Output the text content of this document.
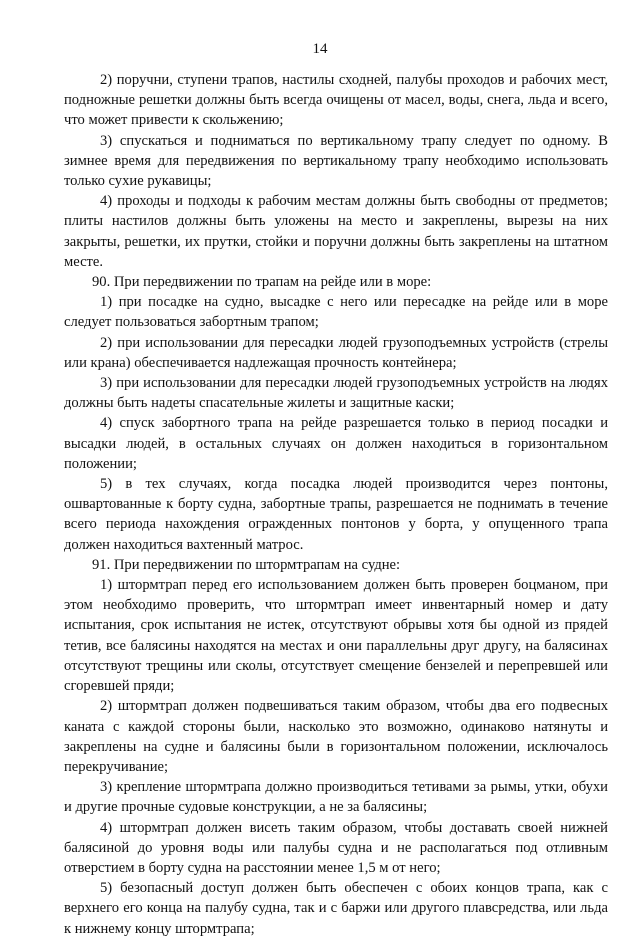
14

2) поручни, ступени трапов, настилы сходней, палубы проходов и рабочих мест, подножные решетки должны быть всегда очищены от масел, воды, снега, льда и всего, что может привести к скольжению;

3) спускаться и подниматься по вертикальному трапу следует по одному. В зимнее время для передвижения по вертикальному трапу необходимо использовать только сухие рукавицы;

4) проходы и подходы к рабочим местам должны быть свободны от предметов; плиты настилов должны быть уложены на место и закреплены, вырезы на них закрыты, решетки, их прутки, стойки и поручни должны быть закреплены на штатном месте.

90. При передвижении по трапам на рейде или в море:

1) при посадке на судно, высадке с него или пересадке на рейде или в море следует пользоваться забортным трапом;

2) при использовании для пересадки людей грузоподъемных устройств (стрелы или крана) обеспечивается надлежащая прочность контейнера;

3) при использовании для пересадки людей грузоподъемных устройств на людях должны быть надеты спасательные жилеты и защитные каски;

4) спуск забортного трапа на рейде разрешается только в период посадки и высадки людей, в остальных случаях он должен находиться в горизонтальном положении;

5) в тех случаях, когда посадка людей производится через понтоны, ошвартованные к борту судна, забортные трапы, разрешается не поднимать в течение всего периода нахождения огражденных понтонов у борта, у опущенного трапа должен находиться вахтенный матрос.

91. При передвижении по штормтрапам на судне:

1) штормтрап перед его использованием должен быть проверен боцманом, при этом необходимо проверить, что штормтрап имеет инвентарный номер и дату испытания, срок испытания не истек, отсутствуют обрывы хотя бы одной из прядей тетив, все балясины находятся на местах и они параллельны друг другу, на балясинах отсутствуют трещины или сколы, отсутствует смещение бензелей и перепревшей или сгоревшей пряди;

2) штормтрап должен подвешиваться таким образом, чтобы два его подвесных каната с каждой стороны были, насколько это возможно, одинаково натянуты и закреплены на судне и балясины были в горизонтальном положении, исключалось перекручивание;

3) крепление штормтрапа должно производиться тетивами за рымы, утки, обухи и другие прочные судовые конструкции, а не за балясины;

4) штормтрап должен висеть таким образом, чтобы доставать своей нижней балясиной до уровня воды или палубы судна и не располагаться под отливным отверстием в борту судна на расстоянии менее 1,5 м от него;

5) безопасный доступ должен быть обеспечен с обоих концов трапа, как с верхнего его конца на палубу судна, так и с баржи или другого плавсредства, или льда к нижнему концу штормтрапа;
